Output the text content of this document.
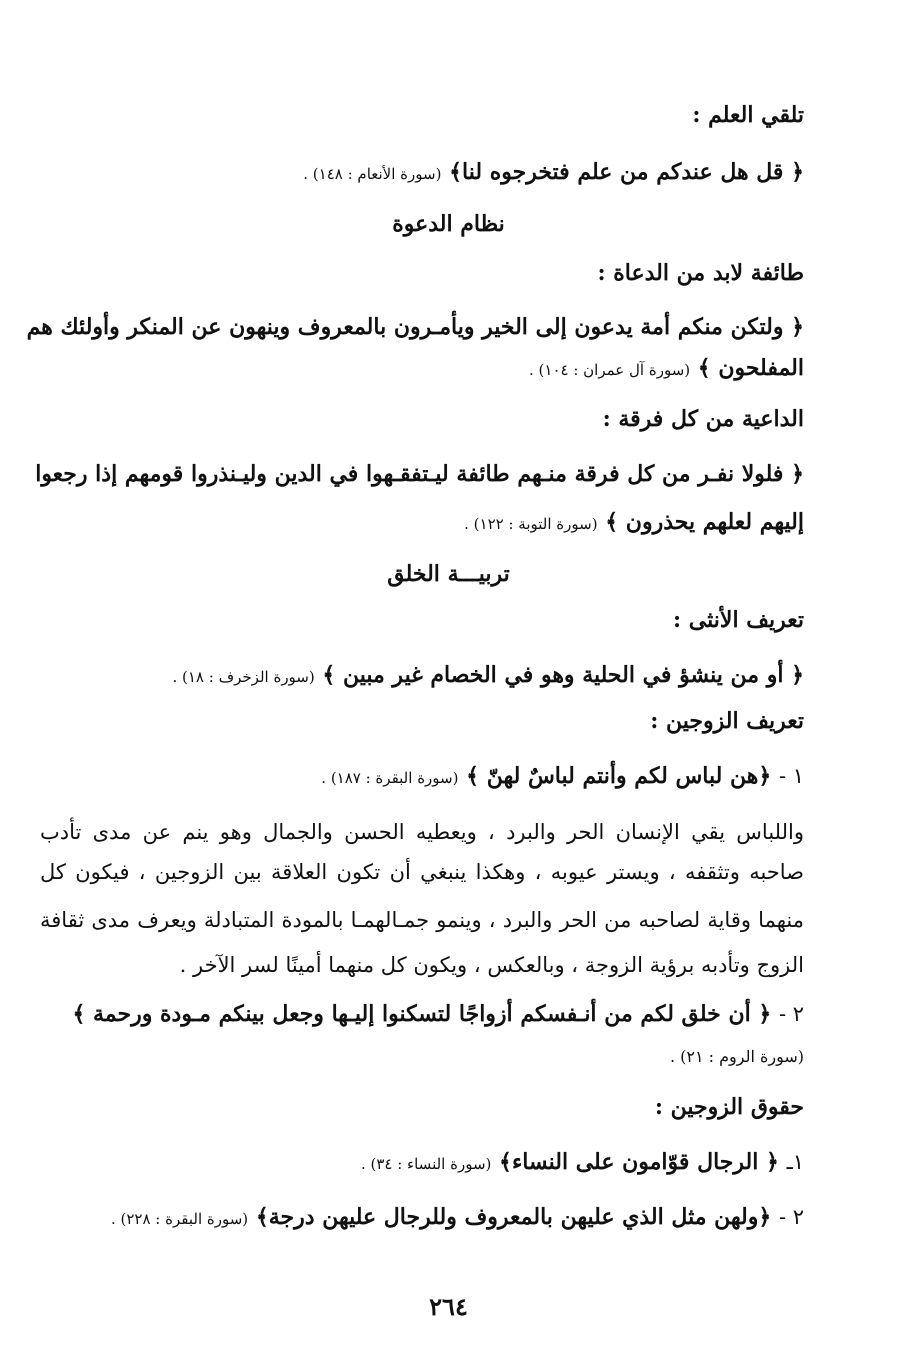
تلقي العلم :
﴿ قل هل عندكم من علم فتخرجوه لنا﴾ (سورة الأنعام : ١٤٨) .
نظام الدعوة
طائفة لابد من الدعاة :
﴿ ولتكن منكم أمة يدعون إلى الخير ويأمـرون بالمعروف وينهون عن المنكر وأولئك هم
المفلحون ﴾ (سورة آل عمران : ١٠٤) .
الداعية من كل فرقة :
﴿ فلولا نفـر من كل فرقة منـهم طائفة ليـتفقـهوا في الدين وليـنذروا قومهم إذا رجعوا
إليهم لعلهم يحذرون ﴾ (سورة التوبة : ١٢٢) .
تربيـــة الخلق
تعريف الأنثى :
﴿ أو من ينشؤ في الحلية وهو في الخصام غير مبين ﴾ (سورة الزخرف : ١٨) .
تعريف الزوجين :
١ - ﴿هن لباس لكم وأنتم لباسٌ لهنّ ﴾ (سورة البقرة : ١٨٧) .
واللباس يقي الإنسان الحر والبرد ، ويعطيه الحسن والجمال وهو ينم عن مدى تأدب
صاحبه وتثقفه ، ويستر عيوبه ، وهكذا ينبغي أن تكون العلاقة بين الزوجين ، فيكون كل
منهما وقاية لصاحبه من الحر والبرد ، وينمو جمـالهمـا بالمودة المتبادلة ويعرف مدى ثقافة
الزوج وتأدبه برؤية الزوجة ، وبالعكس ، ويكون كل منهما أمينًا لسر الآخر .
٢ - ﴿ أن خلق لكم من أنـفسكم أزواجًا لتسكنوا إليـها وجعل بينكم مـودة ورحمة ﴾
(سورة الروم : ٢١) .
حقوق الزوجين :
١ـ ﴿ الرجال قوّامون على النساء﴾ (سورة النساء : ٣٤) .
٢ - ﴿ولهن مثل الذي عليهن بالمعروف وللرجال عليهن درجة﴾ (سورة البقرة : ٢٢٨) .
٢٦٤
